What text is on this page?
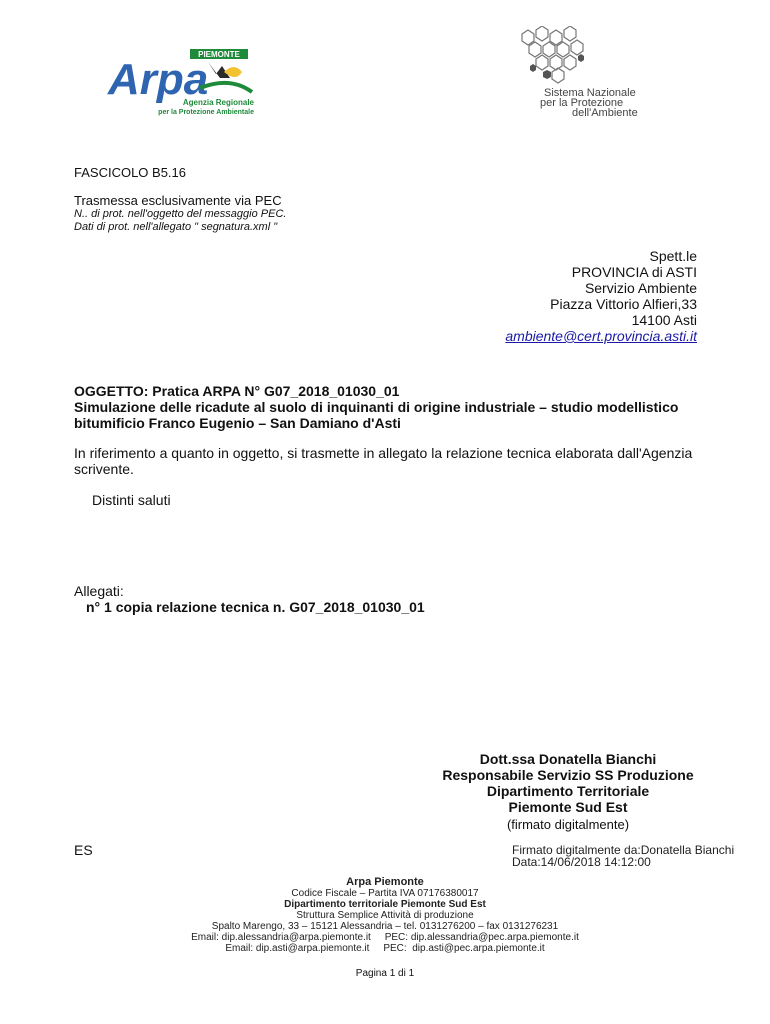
PIEMONTE
Arpa
Agenzia Regionale
per la Protezione Ambientale
Sistema Nazionale
per la Protezione
dell'Ambiente
FASCICOLO B5.16
Trasmessa esclusivamente via PEC
N.. di prot. nell'oggetto del messaggio PEC.
Dati di prot. nell'allegato " segnatura.xml "
Spett.le
PROVINCIA di ASTI
Servizio Ambiente
Piazza Vittorio Alfieri,33
14100 Asti
ambiente@cert.provincia.asti.it
OGGETTO: Pratica ARPA N° G07_2018_01030_01
Simulazione delle ricadute al suolo di inquinanti di origine industriale – studio modellistico
bitumificio Franco Eugenio – San Damiano d'Asti
In riferimento a quanto in oggetto, si trasmette in allegato la relazione tecnica elaborata dall'Agenzia scrivente.
Distinti saluti
Allegati:
n° 1 copia relazione tecnica n. G07_2018_01030_01
Dott.ssa Donatella Bianchi
Responsabile Servizio SS Produzione
Dipartimento Territoriale
Piemonte Sud Est
(firmato digitalmente)
ES	Firmato digitalmente da:Donatella Bianchi
Data:14/06/2018 14:12:00
Arpa Piemonte
Codice Fiscale – Partita IVA 07176380017
Dipartimento territoriale Piemonte Sud Est
Struttura Semplice Attività di produzione
Spalto Marengo, 33 – 15121 Alessandria – tel. 0131276200 – fax 0131276231
Email: dip.alessandria@arpa.piemonte.it     PEC: dip.alessandria@pec.arpa.piemonte.it
Email: dip.asti@arpa.piemonte.it     PEC:  dip.asti@pec.arpa.piemonte.it
Pagina 1 di 1
